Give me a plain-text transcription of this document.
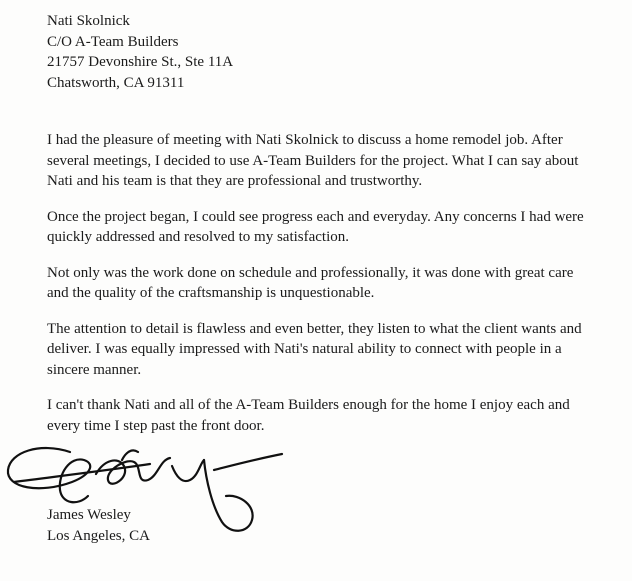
Nati Skolnick
C/O A-Team Builders
21757 Devonshire St., Ste 11A
Chatsworth, CA 91311

I had the pleasure of meeting with Nati Skolnick to discuss a home remodel job. After
several meetings, I decided to use A-Team Builders for the project. What I can say about
Nati and his team is that they are professional and trustworthy.

Once the project began, I could see progress each and everyday. Any concerns I had were
quickly addressed and resolved to my satisfaction.

Not only was the work done on schedule and professionally, it was done with great care
and the quality of the craftsmanship is unquestionable.

The attention to detail is flawless and even better, they listen to what the client wants and
deliver. I was equally impressed with Nati's natural ability to connect with people in a
sincere manner.

I can't thank Nati and all of the A-Team Builders enough for the home I enjoy each and
every time I step past the front door.

James Wesley
Los Angeles, CA
